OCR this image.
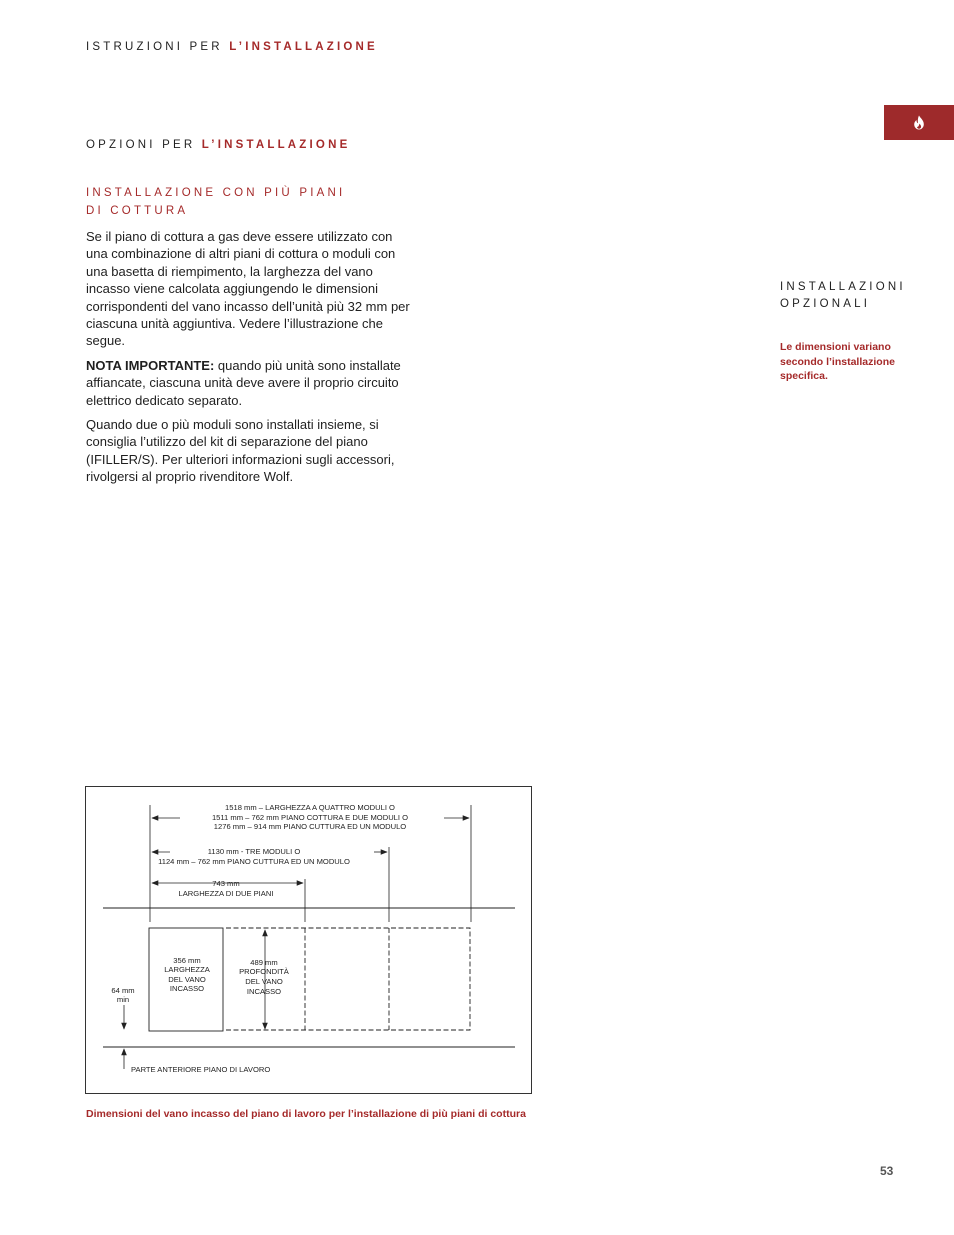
ISTRUZIONI PER L’INSTALLAZIONE
OPZIONI PER L’INSTALLAZIONE
INSTALLAZIONE CON PIÙ PIANI
DI COTTURA

Se il piano di cottura a gas deve essere utilizzato con una combinazione di altri piani di cottura o moduli con una basetta di riempimento, la larghezza del vano incasso viene calcolata aggiungendo le dimensioni corrispondenti del vano incasso dell’unità più 32 mm per ciascuna unità aggiuntiva. Vedere l’illustrazione che segue.

NOTA IMPORTANTE: quando più unità sono installate affiancate, ciascuna unità deve avere il proprio circuito elettrico dedicato separato.

Quando due o più moduli sono installati insieme, si consiglia l’utilizzo del kit di separazione del piano (IFILLER/S). Per ulteriori informazioni sugli accessori, rivolgersi al proprio rivenditore Wolf.

INSTALLAZIONI
OPZIONALI
Le dimensioni variano secondo l’installazione specifica.
1518 mm – LARGHEZZA A QUATTRO MODULI O
1511 mm – 762 mm PIANO COTTURA E DUE MODULI O
1276 mm – 914 mm PIANO CUTTURA ED UN MODULO
1130 mm - TRE MODULI O
1124 mm – 762 mm PIANO CUTTURA ED UN MODULO
743 mm
LARGHEZZA DI DUE PIANI
356 mm
LARGHEZZA
DEL VANO
INCASSO
489 mm
PROFONDITÀ
DEL VANO
INCASSO
64 mm
min
PARTE ANTERIORE PIANO DI LAVORO
Dimensioni del vano incasso del piano di lavoro per l’installazione di più piani di cottura
53
